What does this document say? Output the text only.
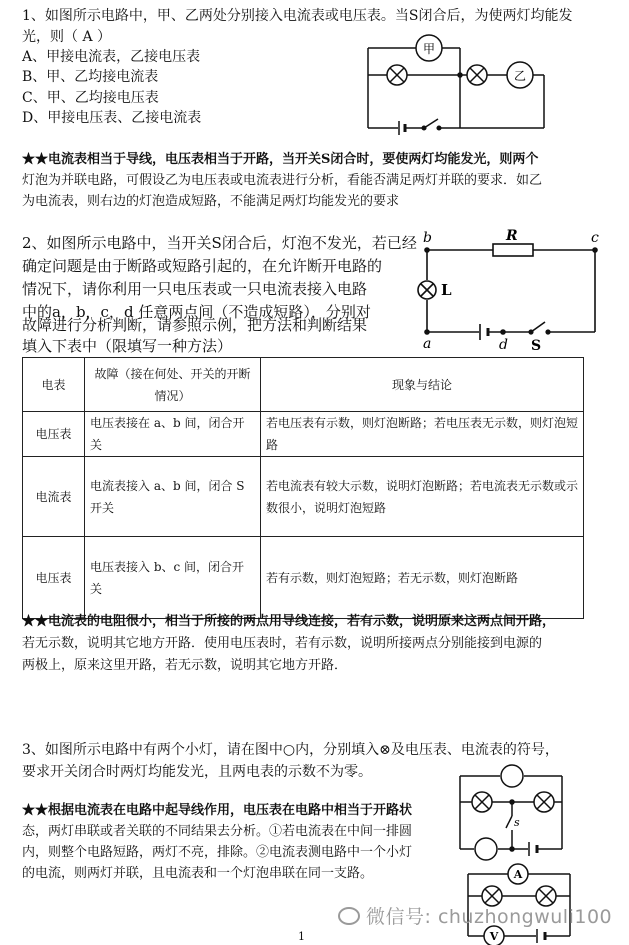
1、如图所示电路中，甲、乙两处分别接入电流表或电压表。当S闭合后，为使两灯均能发
光，则（ A ）
A、甲接电流表，乙接电压表
B、甲、乙均接电流表
C、甲、乙均接电压表
D、甲接电压表、乙接电流表
甲
乙
★★电流表相当于导线，电压表相当于开路，当开关S闭合时，要使两灯均能发光，则两个
灯泡为并联电路，可假设乙为电压表或电流表进行分析，看能否满足两灯并联的要求．如乙
为电流表，则右边的灯泡造成短路，不能满足两灯均能发光的要求
2、如图所示电路中，当开关S闭合后，灯泡不发光，若已经
确定问题是由于断路或短路引起的，在允许断开电路的
情况下，请你利用一只电压表或一只电流表接入电路
中的a，b，c，d 任意两点间（不造成短路），分别对
故障进行分析判断，请参照示例，把方法和判断结果
填入下表中（限填写一种方法）
b	c
R
a	d
L
S
电表	故障（接在何处、开关的开断情况）	现象与结论
电压表	电压表接在 a、b 间，闭合开关	若电压表有示数，则灯泡断路；若电压表无示数，则灯泡短路
电流表	电流表接入 a、b 间，闭合 S 开关	若电流表有较大示数，说明灯泡断路；若电流表无示数或示数很小，说明灯泡短路
电压表	电压表接入 b、c 间，闭合开关	若有示数，则灯泡短路；若无示数，则灯泡断路
★★电流表的电阻很小，相当于所接的两点用导线连接，若有示数，说明原来这两点间开路，
若无示数，说明其它地方开路．使用电压表时，若有示数，说明所接两点分别能接到电源的
两极上，原来这里开路，若无示数，说明其它地方开路．
3、如图所示电路中有两个小灯，请在图中○内，分别填入⊗及电压表、电流表的符号，
要求开关闭合时两灯均能发光，且两电表的示数不为零。
★★根据电流表在电路中起导线作用，电压表在电路中相当于开路状
态，两灯串联或者关联的不同结果去分析。①若电流表在中间一排圆
内，则整个电路短路，两灯不亮，排除。②电流表测电路中一个小灯
的电流，则两灯并联，且电流表和一个灯泡串联在同一支路。
s
A
V
微信号: chuzhongwuli100
1
